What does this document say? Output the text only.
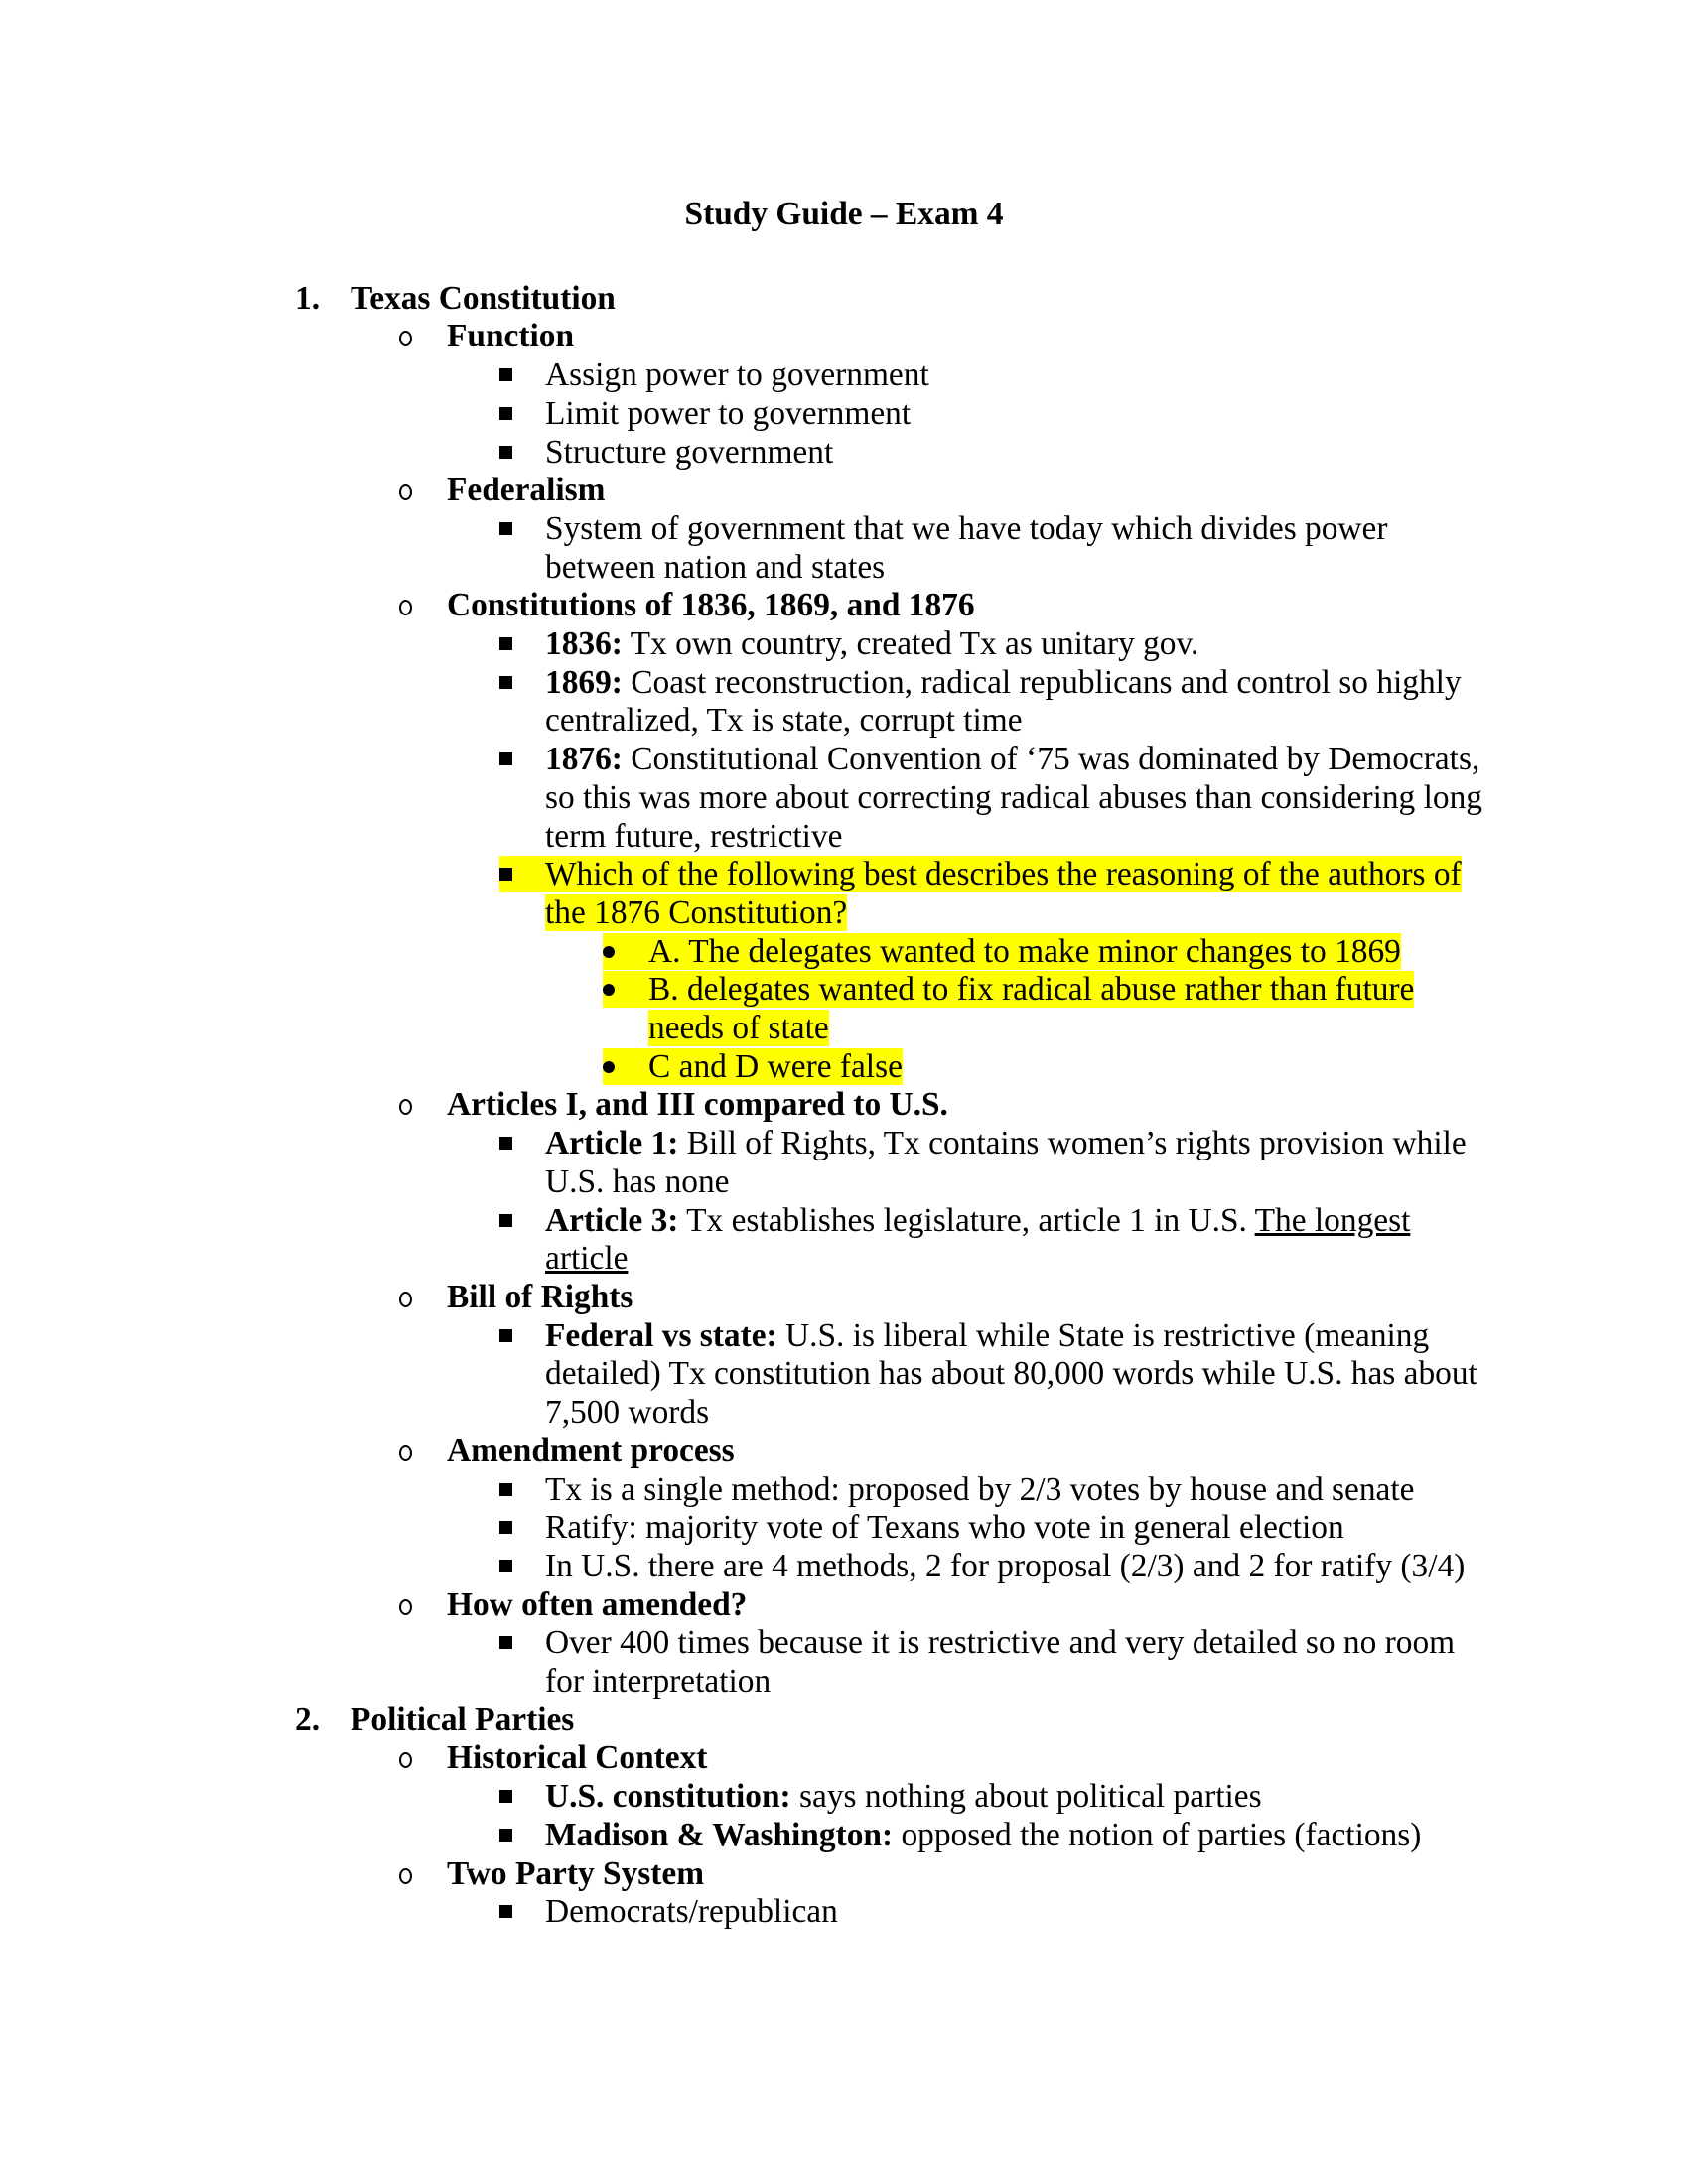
Study Guide – Exam 4
1. Texas Constitution
Function
Assign power to government
Limit power to government
Structure government
Federalism
System of government that we have today which divides power between nation and states
Constitutions of 1836, 1869, and 1876
1836: Tx own country, created Tx as unitary gov.
1869: Coast reconstruction, radical republicans and control so highly centralized, Tx is state, corrupt time
1876: Constitutional Convention of ‘75 was dominated by Democrats, so this was more about correcting radical abuses than considering long term future, restrictive
Which of the following best describes the reasoning of the authors of the 1876 Constitution?
A. The delegates wanted to make minor changes to 1869
B. delegates wanted to fix radical abuse rather than future needs of state
C and D were false
Articles I, and III compared to U.S.
Article 1: Bill of Rights, Tx contains women’s rights provision while U.S. has none
Article 3: Tx establishes legislature, article 1 in U.S. The longest article
Bill of Rights
Federal vs state: U.S. is liberal while State is restrictive (meaning detailed) Tx constitution has about 80,000 words while U.S. has about 7,500 words
Amendment process
Tx is a single method: proposed by 2/3 votes by house and senate
Ratify: majority vote of Texans who vote in general election
In U.S. there are 4 methods, 2 for proposal (2/3) and 2 for ratify (3/4)
How often amended?
Over 400 times because it is restrictive and very detailed so no room for interpretation
2. Political Parties
Historical Context
U.S. constitution: says nothing about political parties
Madison & Washington: opposed the notion of parties (factions)
Two Party System
Democrats/republican
